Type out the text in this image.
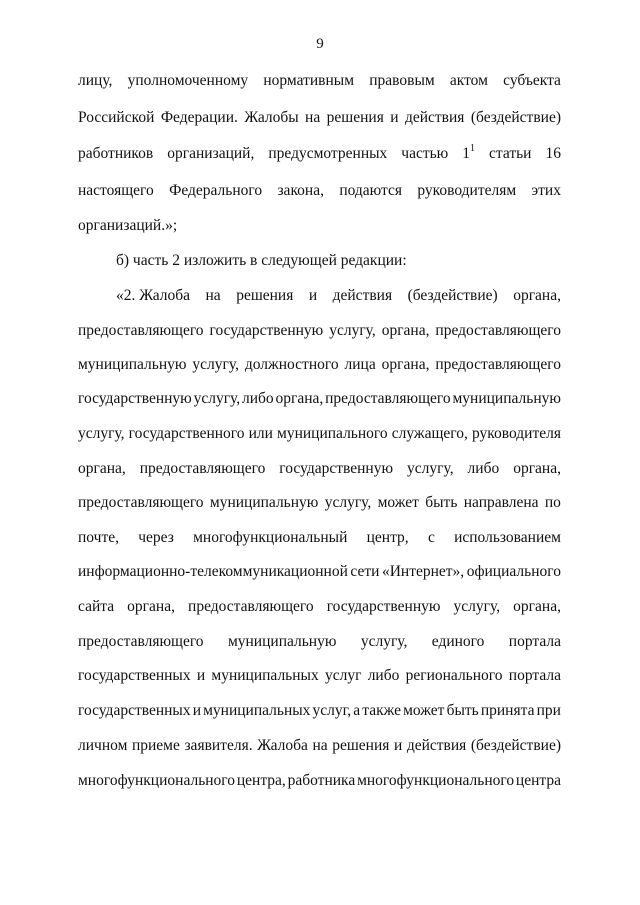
9
лицу, уполномоченному нормативным правовым актом субъекта
Российской Федерации. Жалобы на решения и действия (бездействие)
работников организаций, предусмотренных частью $1^1$ статьи 16
настоящего Федерального закона, подаются руководителям этих
организаций.»;
б) часть 2 изложить в следующей редакции:
«2. Жалоба на решения и действия (бездействие) органа,
предоставляющего государственную услугу, органа, предоставляющего
муниципальную услугу, должностного лица органа, предоставляющего
государственную услугу, либо органа, предоставляющего муниципальную
услугу, государственного или муниципального служащего, руководителя
органа, предоставляющего государственную услугу, либо органа,
предоставляющего муниципальную услугу, может быть направлена по
почте, через многофункциональный центр, с использованием
информационно-телекоммуникационной сети «Интернет», официального
сайта органа, предоставляющего государственную услугу, органа,
предоставляющего муниципальную услугу, единого портала
государственных и муниципальных услуг либо регионального портала
государственных и муниципальных услуг, а также может быть принята при
личном приеме заявителя. Жалоба на решения и действия (бездействие)
многофункционального центра, работника многофункционального центра
